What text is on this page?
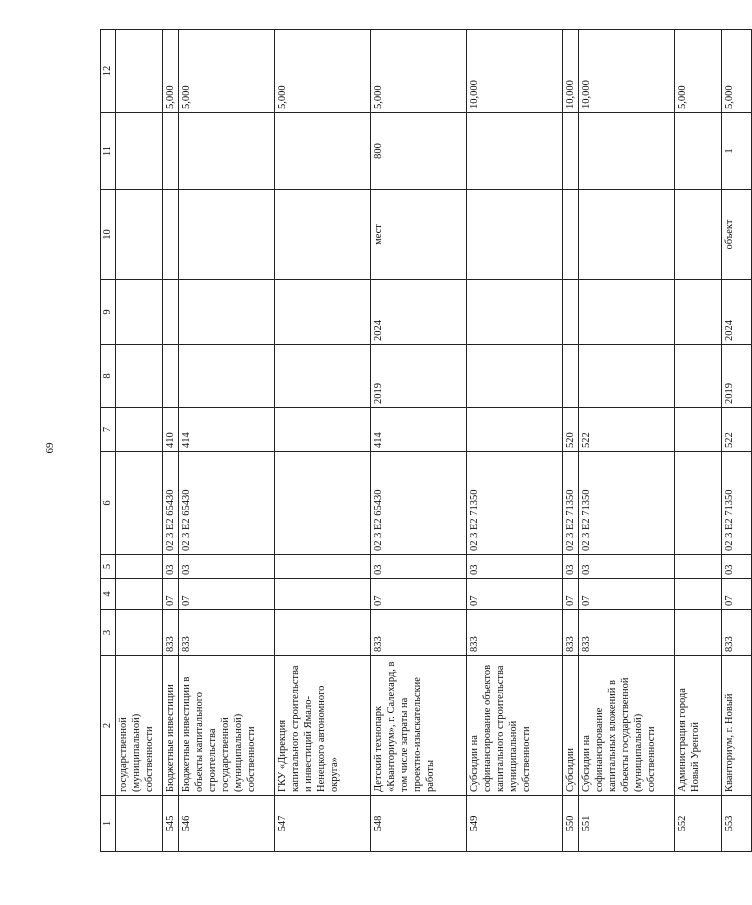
69
1	2	3	4	5	6	7	8	9	10	11	12
	государственной (муниципальной) собственности										
545	Бюджетные инвестиции	833	07	03	02 3 E2 65430	410					5,000
546	Бюджетные инвестиции в объекты капитального строительства государственной (муниципальной) собственности	833	07	03	02 3 E2 65430	414					5,000
547	ГКУ «Дирекция капитального строительства и инвестиций Ямало-Ненецкого автономного округа»										5,000
548	Детский технопарк «Кванториум», г. Салехард, в том числе затраты на проектно-изыскательские работы	833	07	03	02 3 E2 65430	414	2019	2024	мест	800	5,000
549	Субсидии на софинансирование объектов капитального строительства муниципальной собственности	833	07	03	02 3 E2 71350						10,000
550	Субсидии	833	07	03	02 3 E2 71350	520					10,000
551	Субсидии на софинансирование капитальных вложений в объекты государственной (муниципальной) собственности	833	07	03	02 3 E2 71350	522					10,000
552	Администрация города Новый Уренгой										5,000
553	Кванториум, г. Новый	833	07	03	02 3 E2 71350	522	2019	2024	объект	1	5,000
